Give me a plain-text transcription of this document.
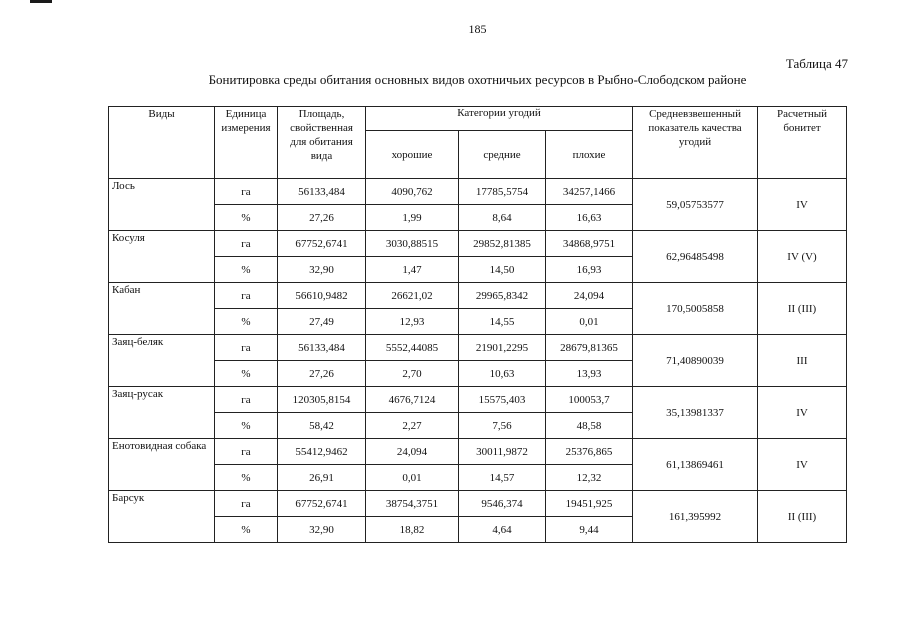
185
Таблица 47
Бонитировка среды обитания основных видов охотничьих ресурсов в Рыбно-Слободском районе
Виды	Единица измерения	Площадь, свойственная для обитания вида	Категории угодий			Средневзвешенный показатель качества угодий	Расчетный бонитет
			хорошие	средние	плохие		
Лось	га	56133,484	4090,762	17785,5754	34257,1466	59,05753577	IV
	%	27,26	1,99	8,64	16,63		
Косуля	га	67752,6741	3030,88515	29852,81385	34868,9751	62,96485498	IV (V)
	%	32,90	1,47	14,50	16,93		
Кабан	га	56610,9482	26621,02	29965,8342	24,094	170,5005858	II (III)
	%	27,49	12,93	14,55	0,01		
Заяц-беляк	га	56133,484	5552,44085	21901,2295	28679,81365	71,40890039	III
	%	27,26	2,70	10,63	13,93		
Заяц-русак	га	120305,8154	4676,7124	15575,403	100053,7	35,13981337	IV
	%	58,42	2,27	7,56	48,58		
Енотовидная собака	га	55412,9462	24,094	30011,9872	25376,865	61,13869461	IV
	%	26,91	0,01	14,57	12,32		
Барсук	га	67752,6741	38754,3751	9546,374	19451,925	161,395992	II (III)
	%	32,90	18,82	4,64	9,44		
